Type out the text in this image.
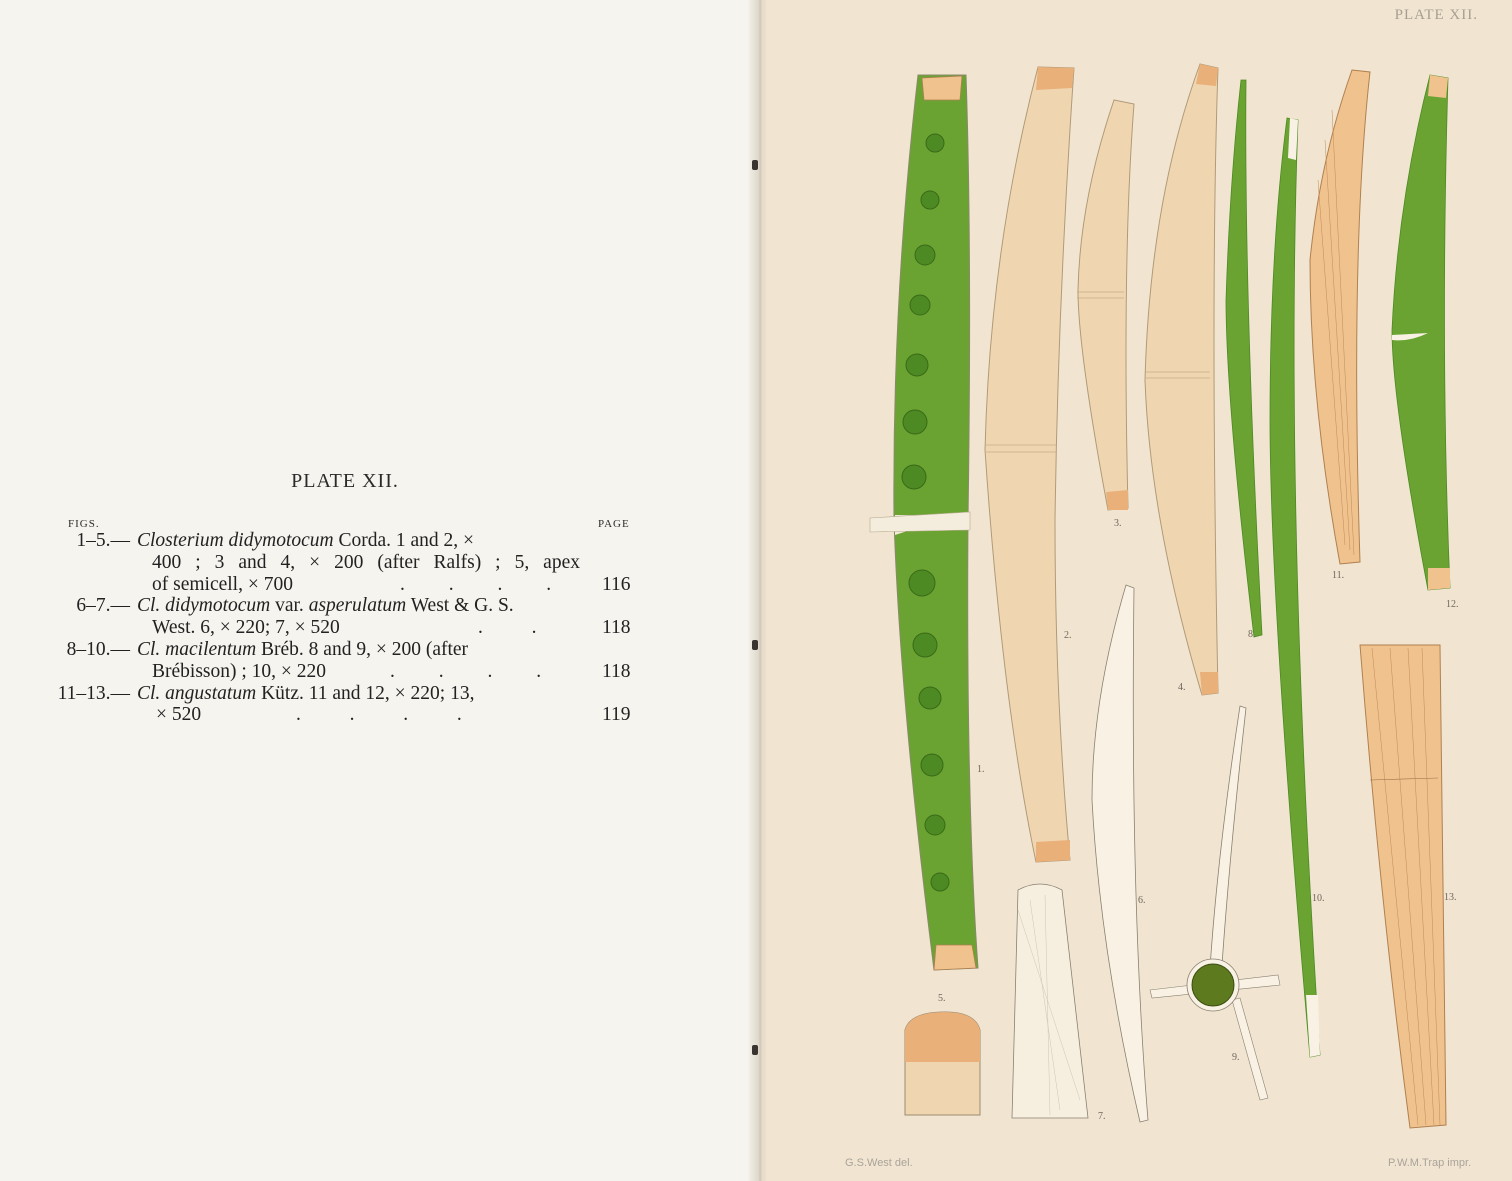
PLATE XII.
FIGS.	PAGE
1–5.— Closterium didymotocum Corda. 1 and 2, ×
400 ; 3 and 4, × 200 (after Ralfs) ; 5, apex
of semicell, × 700	.         .         .         .	116
6–7.— Cl. didymotocum var. asperulatum West & G. S.
West. 6, × 220; 7, × 520	.          .	118
8–10.— Cl. macilentum Bréb. 8 and 9, × 200 (after
Brébisson) ; 10, × 220	.         .         .         .	118
11–13.— Cl. angustatum Kütz. 11 and 12, × 220; 13,
× 520	.          .          .          .	119
1.
2.
3.
4.
5.
6.
7.
8.
9.
10.
11.
12.
13.
PLATE XII.
G.S.West del.	P.W.M.Trap impr.
